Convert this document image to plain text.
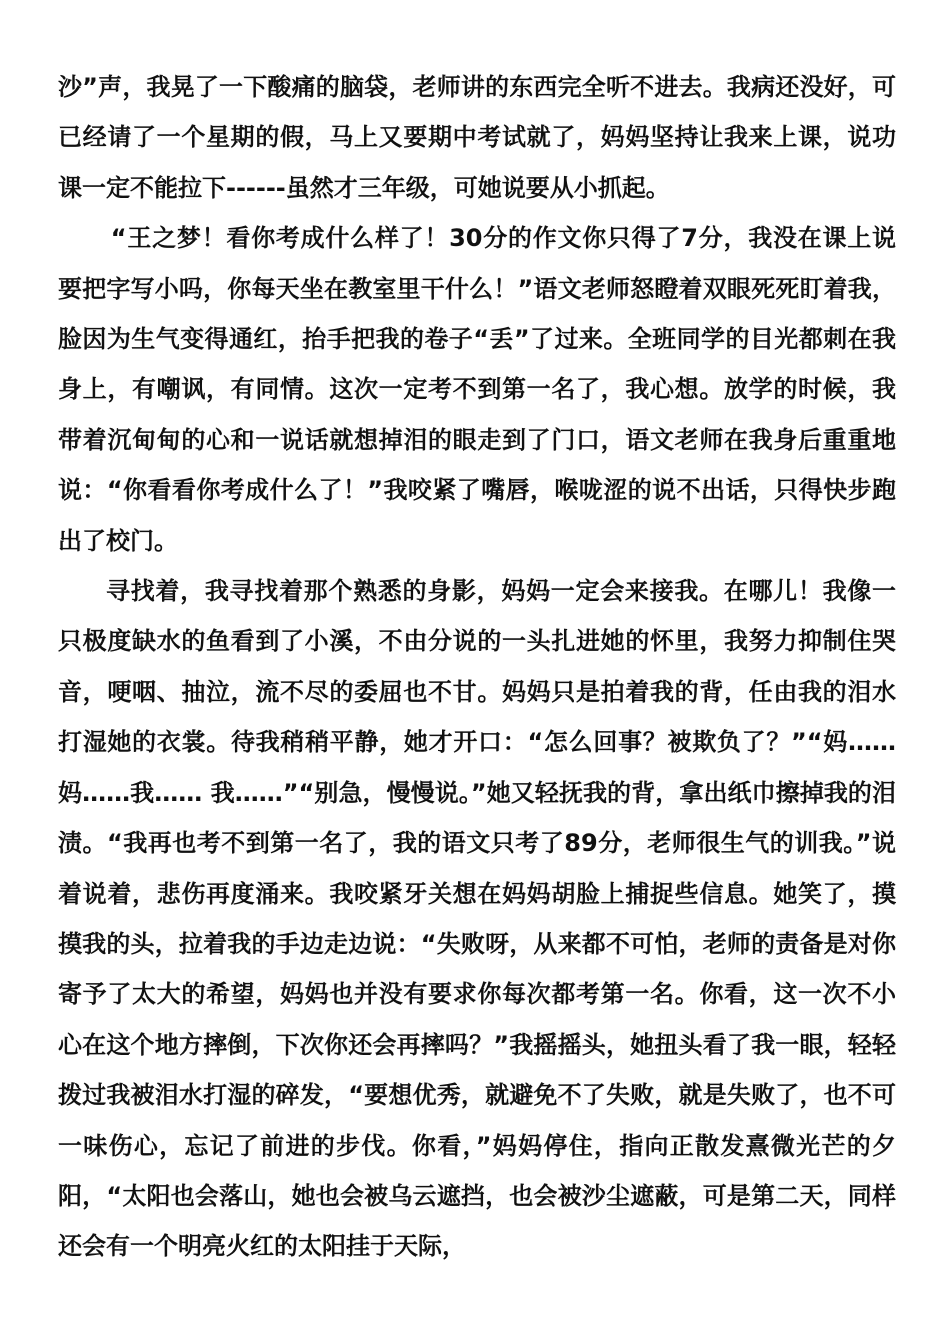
沙”声，我晃了一下酸痛的脑袋，老师讲的东西完全听不进去。我病还没好，可已经请了一个星期的假，马上又要期中考试就了，妈妈坚持让我来上课，说功课一定不能拉下------虽然才三年级，可她说要从小抓起。

“王之梦！看你考成什么样了！30分的作文你只得了7分，我没在课上说要把字写小吗，你每天坐在教室里干什么！”语文老师怒瞪着双眼死死盯着我，脸因为生气变得通红，抬手把我的卷子“丢”了过来。全班同学的目光都刺在我身上，有嘲讽，有同情。这次一定考不到第一名了，我心想。放学的时候，我带着沉甸甸的心和一说话就想掉泪的眼走到了门口，语文老师在我身后重重地说：“你看看你考成什么了！”我咬紧了嘴唇，喉咙涩的说不出话，只得快步跑出了校门。

寻找着，我寻找着那个熟悉的身影，妈妈一定会来接我。在哪儿！我像一只极度缺水的鱼看到了小溪，不由分说的一头扎进她的怀里，我努力抑制住哭音，哽咽、抽泣，流不尽的委屈也不甘。妈妈只是拍着我的背，任由我的泪水打湿她的衣裳。待我稍稍平静，她才开口：“怎么回事？被欺负了？”“妈……妈……我…… 我……”“别急，慢慢说。”她又轻抚我的背，拿出纸巾擦掉我的泪渍。“我再也考不到第一名了，我的语文只考了89分，老师很生气的训我。”说着说着，悲伤再度涌来。我咬紧牙关想在妈妈胡脸上捕捉些信息。她笑了，摸摸我的头，拉着我的手边走边说：“失败呀，从来都不可怕，老师的责备是对你寄予了太大的希望，妈妈也并没有要求你每次都考第一名。你看，这一次不小心在这个地方摔倒，下次你还会再摔吗？”我摇摇头，她扭头看了我一眼，轻轻拨过我被泪水打湿的碎发，“要想优秀，就避免不了失败，就是失败了，也不可一味伤心，忘记了前进的步伐。你看，”妈妈停住，指向正散发熹微光芒的夕阳，“太阳也会落山，她也会被乌云遮挡，也会被沙尘遮蔽，可是第二天，同样还会有一个明亮火红的太阳挂于天际，
